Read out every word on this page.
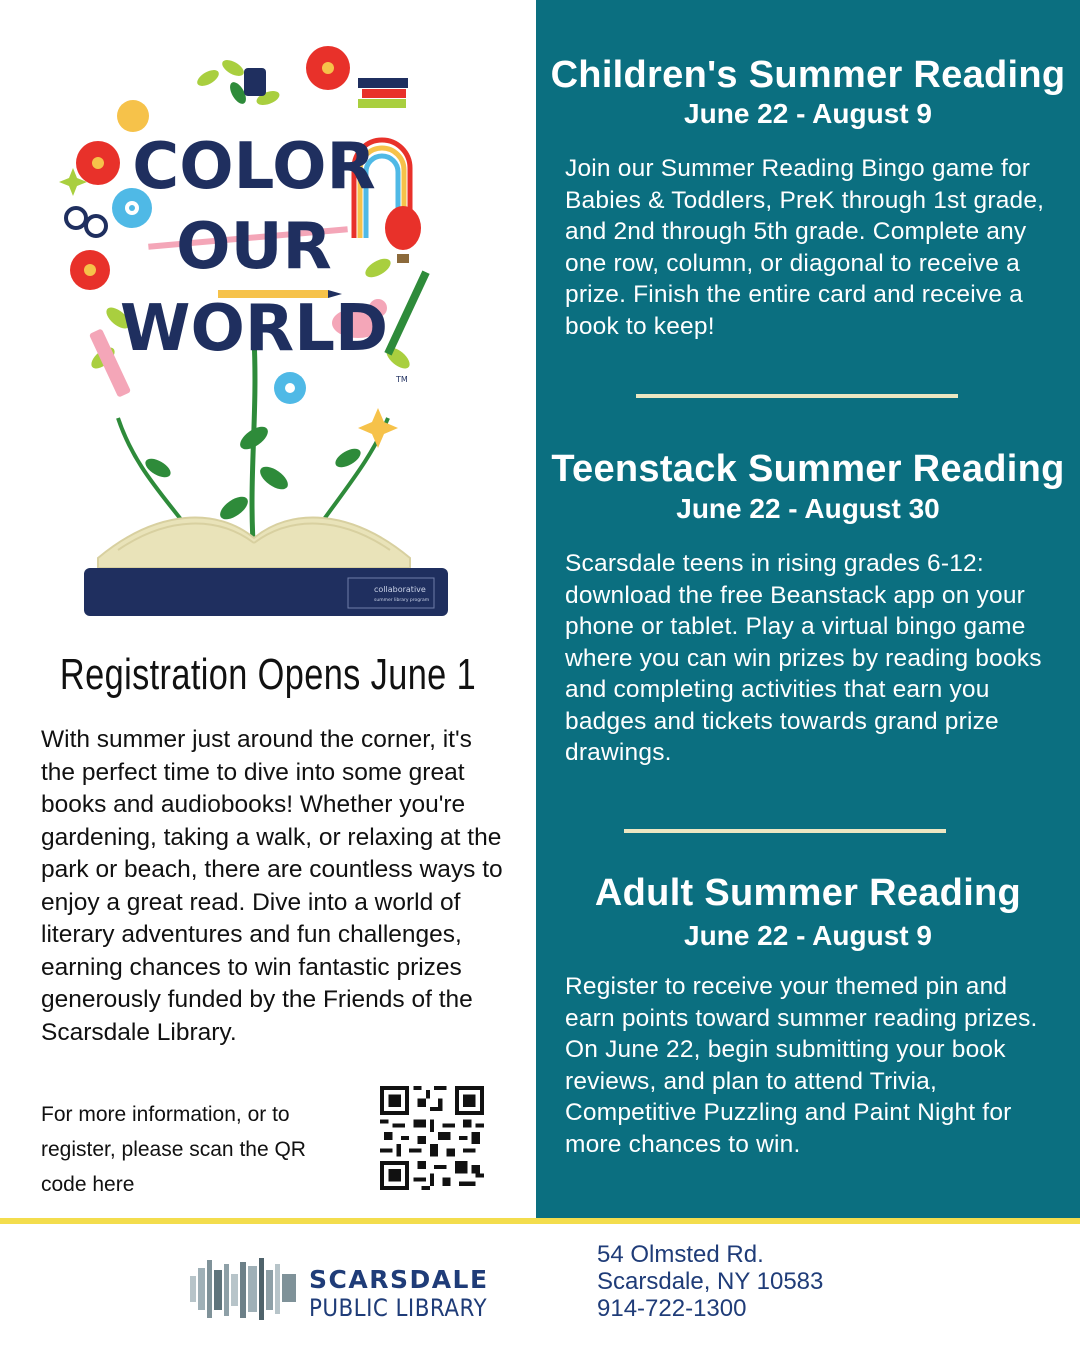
COLOR
OUR
WORLD
TM
collaborative
summer library program
Registration Opens June 1
With summer just around the corner, it's the perfect time to dive into some great books and audiobooks! Whether you're gardening, taking a walk, or relaxing at the park or beach, there are countless ways to enjoy a great read. Dive into a world of literary adventures and fun challenges, earning chances to win fantastic prizes generously funded by the Friends of the Scarsdale Library.
For more information, or to register, please scan the QR code here
Children's Summer Reading
June 22 - August 9
Join our Summer Reading Bingo game for Babies & Toddlers, PreK through 1st grade, and 2nd through 5th grade. Complete any one row, column, or diagonal to receive a prize. Finish the entire card and receive a book to keep!
Teenstack Summer Reading
June 22 - August 30
Scarsdale teens in rising grades 6-12: download the free Beanstack app on your phone or tablet. Play a virtual bingo game where you can win prizes by reading books and completing activities that earn you badges and tickets towards grand prize drawings.
Adult Summer Reading
June 22 - August 9
Register to receive your themed pin and earn points toward summer reading prizes. On June 22, begin submitting your book reviews, and plan to attend Trivia, Competitive Puzzling and Paint Night for more chances to win.
SCARSDALE
PUBLIC LIBRARY
54 Olmsted Rd.
Scarsdale, NY 10583
914-722-1300
